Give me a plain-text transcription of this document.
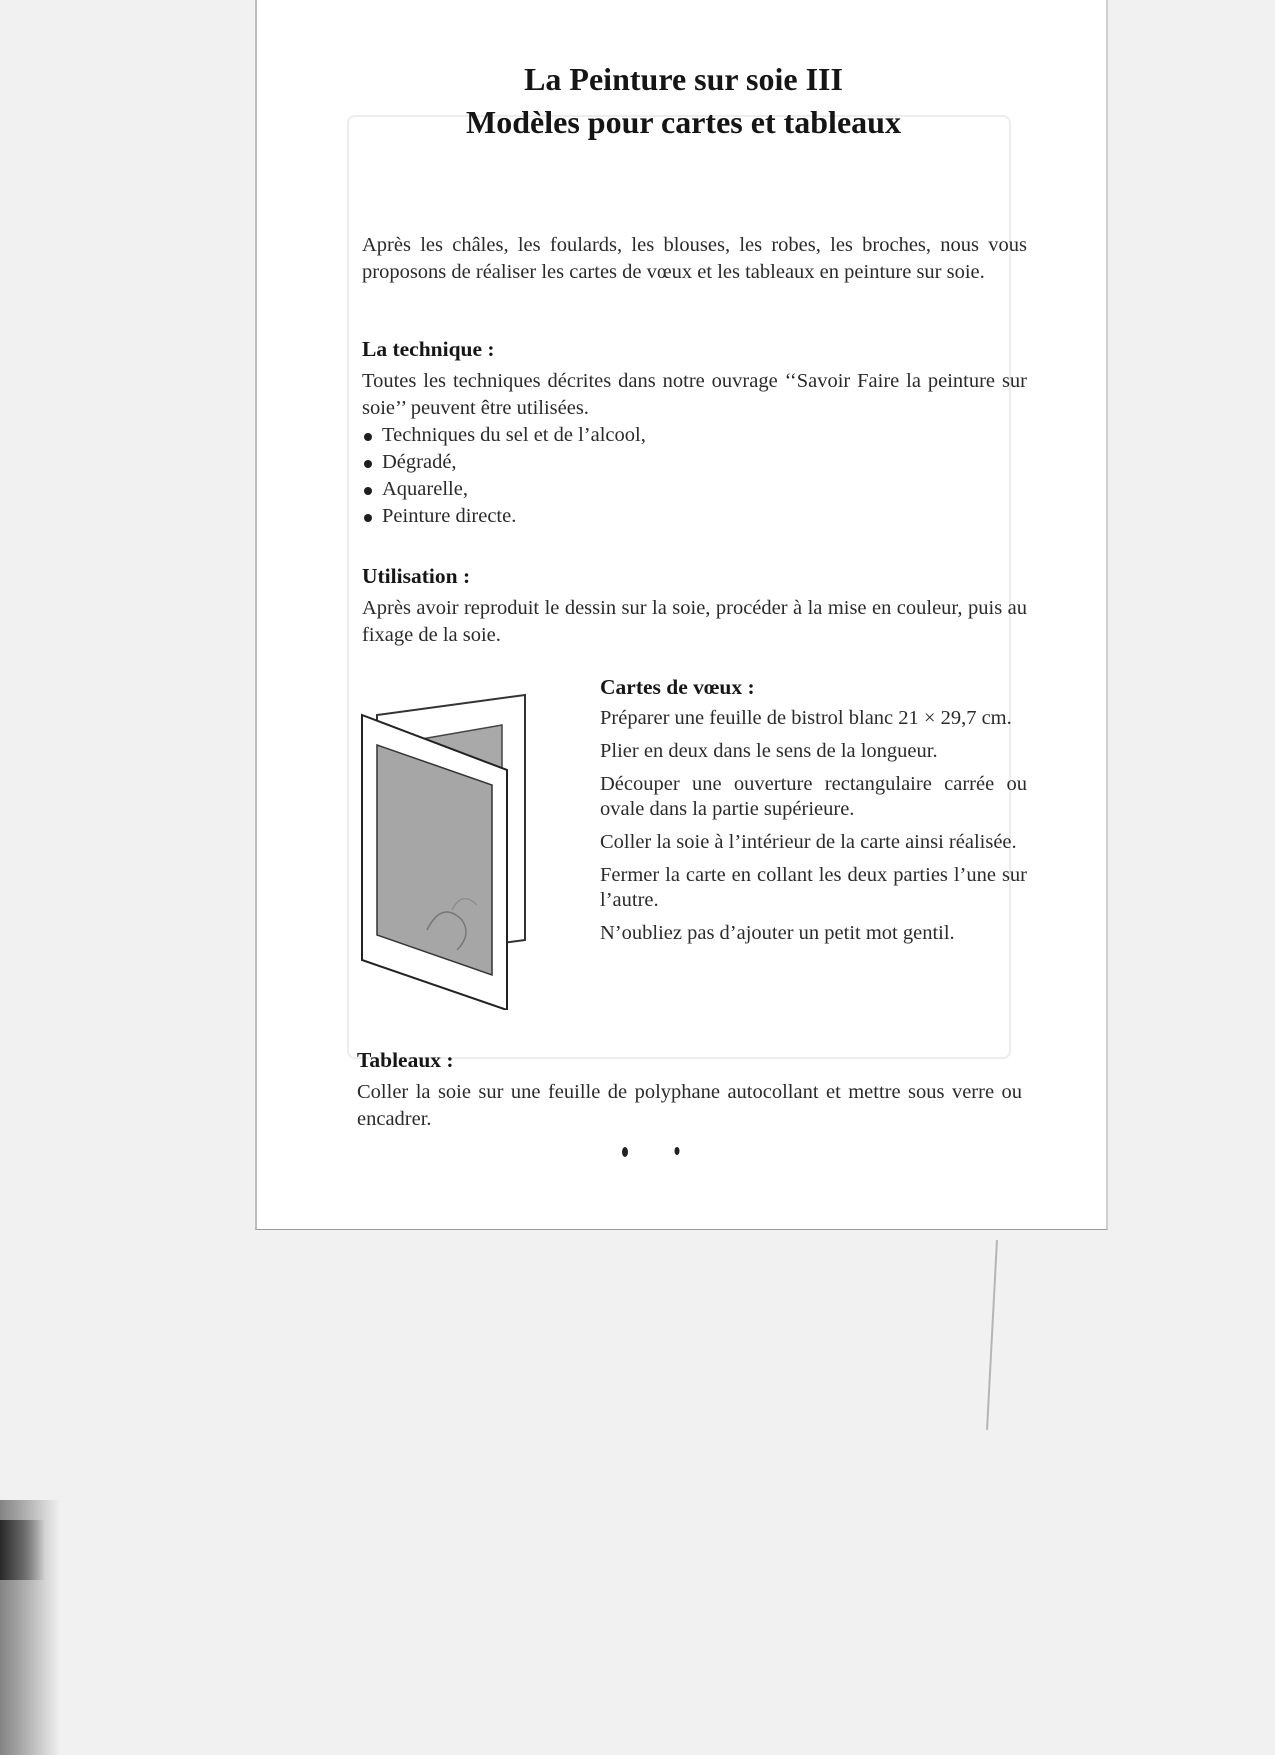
La Peinture sur soie III
Modèles pour cartes et tableaux

Après les châles, les foulards, les blouses, les robes, les broches, nous vous proposons de réaliser les cartes de vœux et les tableaux en peinture sur soie.

La technique :

Toutes les techniques décrites dans notre ouvrage ‘‘Savoir Faire la peinture sur soie’’ peuvent être utilisées.

Techniques du sel et de l’alcool,
Dégradé,
Aquarelle,
Peinture directe.
Utilisation :

Après avoir reproduit le dessin sur la soie, procéder à la mise en couleur, puis au fixage de la soie.

Cartes de vœux :

Préparer une feuille de bistrol blanc 21 × 29,7 cm.

Plier en deux dans le sens de la longueur.

Découper une ouverture rectangulaire carrée ou ovale dans la partie supérieure.

Coller la soie à l’intérieur de la carte ainsi réalisée.

Fermer la carte en collant les deux parties l’une sur l’autre.

N’oubliez pas d’ajouter un petit mot gentil.

Tableaux :

Coller la soie sur une feuille de polyphane autocollant et mettre sous verre ou encadrer.
